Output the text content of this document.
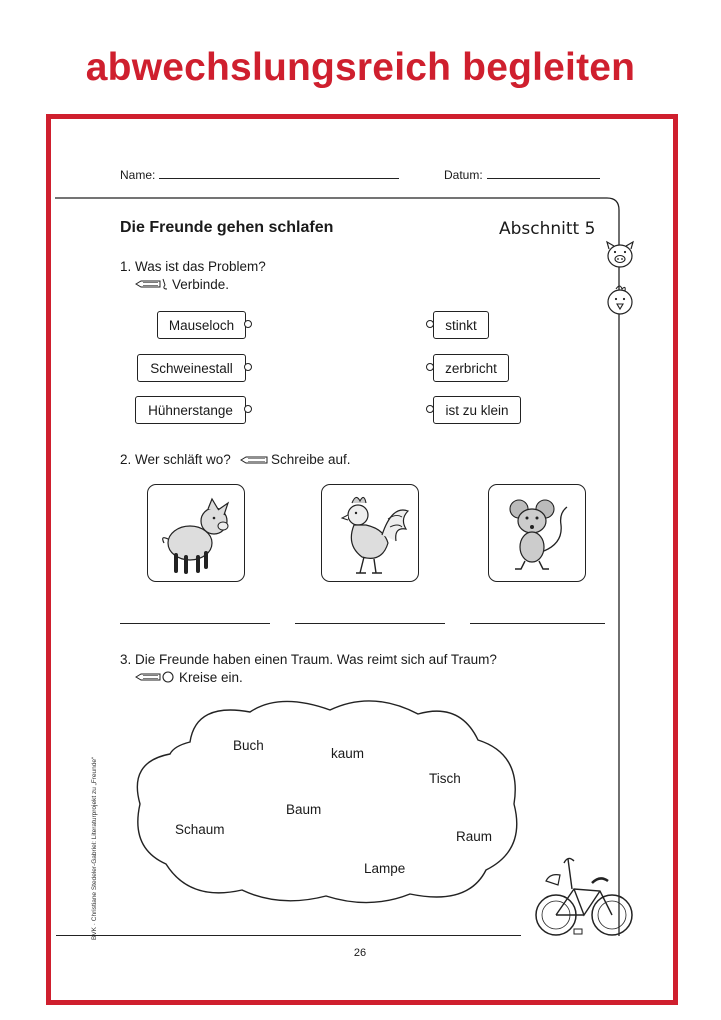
abwechslungsreich begleiten
Name:	Datum:
Die Freunde gehen schlafen	Abschnitt 5
1. Was ist das Problem?
Verbinde.
Mauseloch
Schweinestall
Hühnerstange
stinkt
zerbricht
ist zu klein
2. Wer schläft wo?	Schreibe auf.
3. Die Freunde haben einen Traum. Was reimt sich auf Traum?
Kreise ein.
Buch
kaum
Tisch
Baum
Schaum	Raum
Lampe
BVK · Christiane Stedeler-Gabriel: Literaturprojekt zu „Freunde“
26
